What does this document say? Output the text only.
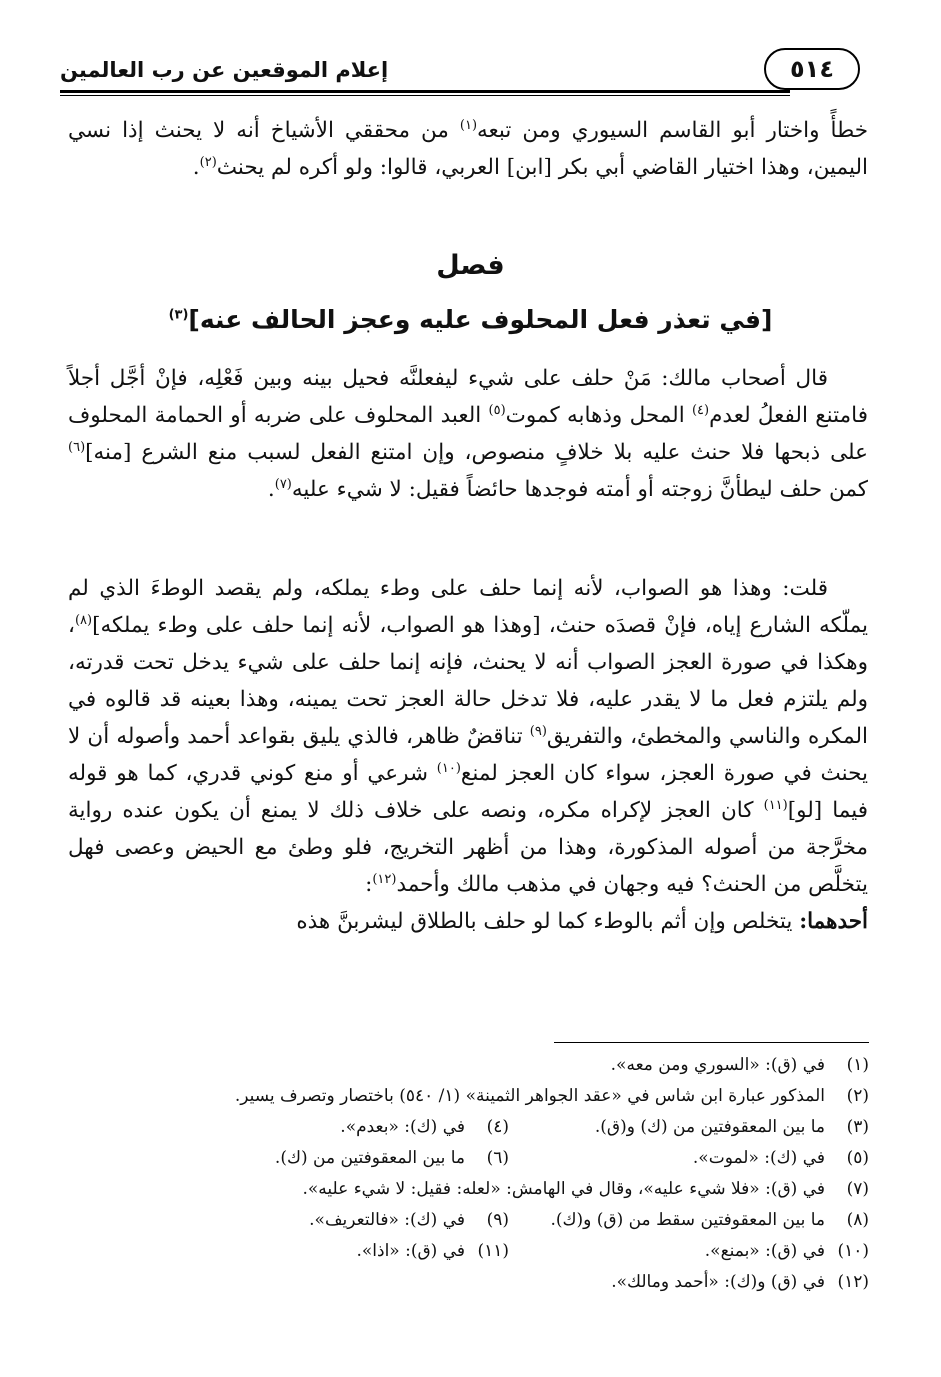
إعلام الموقعين عن رب العالمين	٥١٤
خطأً واختار أبو القاسم السيوري ومن تبعه$^{(١)}$ من محققي الأشياخ أنه لا يحنث إذا نسي اليمين، وهذا اختيار القاضي أبي بكر [ابن] العربي، قالوا: ولو أكره لم يحنث$^{(٢)}$.
فصل
[في تعذر فعل المحلوف عليه وعجز الحالف عنه]$^{(٣)}$
قال أصحاب مالك: مَنْ حلف على شيء ليفعلنَّه فحيل بينه وبين فَعْلِه، فإنْ أجَّل أجلاً فامتنع الفعلُ لعدم$^{(٤)}$ المحل وذهابه كموت$^{(٥)}$ العبد المحلوف على ضربه أو الحمامة المحلوف على ذبحها فلا حنث عليه بلا خلافٍ منصوص، وإن امتنع الفعل لسبب منع الشرع [منه]$^{(٦)}$ كمن حلف ليطأنَّ زوجته أو أمته فوجدها حائضاً فقيل: لا شيء عليه$^{(٧)}$.
قلت: وهذا هو الصواب، لأنه إنما حلف على وطء يملكه، ولم يقصد الوطءَ الذي لم يملّكه الشارع إياه، فإنْ قصدَه حنث، [وهذا هو الصواب، لأنه إنما حلف على وطء يملكه]$^{(٨)}$، وهكذا في صورة العجز الصواب أنه لا يحنث، فإنه إنما حلف على شيء يدخل تحت قدرته، ولم يلتزم فعل ما لا يقدر عليه، فلا تدخل حالة العجز تحت يمينه، وهذا بعينه قد قالوه في المكره والناسي والمخطئ، والتفريق$^{(٩)}$ تناقضٌ ظاهر، فالذي يليق بقواعد أحمد وأصوله أن لا يحنث في صورة العجز، سواء كان العجز لمنع$^{(١٠)}$ شرعي أو منع كوني قدري، كما هو قوله فيما [لو]$^{(١١)}$ كان العجز لإكراه مكره، ونصه على خلاف ذلك لا يمنع أن يكون عنده رواية مخرَّجة من أصوله المذكورة، وهذا من أظهر التخريج، فلو وطئ مع الحيض وعصى فهل يتخلَّص من الحنث؟ فيه وجهان في مذهب مالك وأحمد$^{(١٢)}$:
أحدهما: يتخلص وإن أثم بالوطء كما لو حلف بالطلاق ليشربنَّ هذه
(١)في (ق): «السوري ومن معه».
(٢)المذكور عبارة ابن شاس في «عقد الجواهر الثمينة» (١/ ٥٤٠) باختصار وتصرف يسير.
(٣)ما بين المعقوفتين من (ك) و(ق).(٤)في (ك): «بعدم».
(٥)في (ك): «لموت».(٦)ما بين المعقوفتين من (ك).
(٧)في (ق): «فلا شيء عليه»، وقال في الهامش: «لعله: فقيل: لا شيء عليه».
(٨)ما بين المعقوفتين سقط من (ق) و(ك).(٩)في (ك): «فالتعريف».
(١٠)في (ق): «بمنع».(١١)في (ق): «اذا».
(١٢)في (ق) و(ك): «أحمد ومالك».
